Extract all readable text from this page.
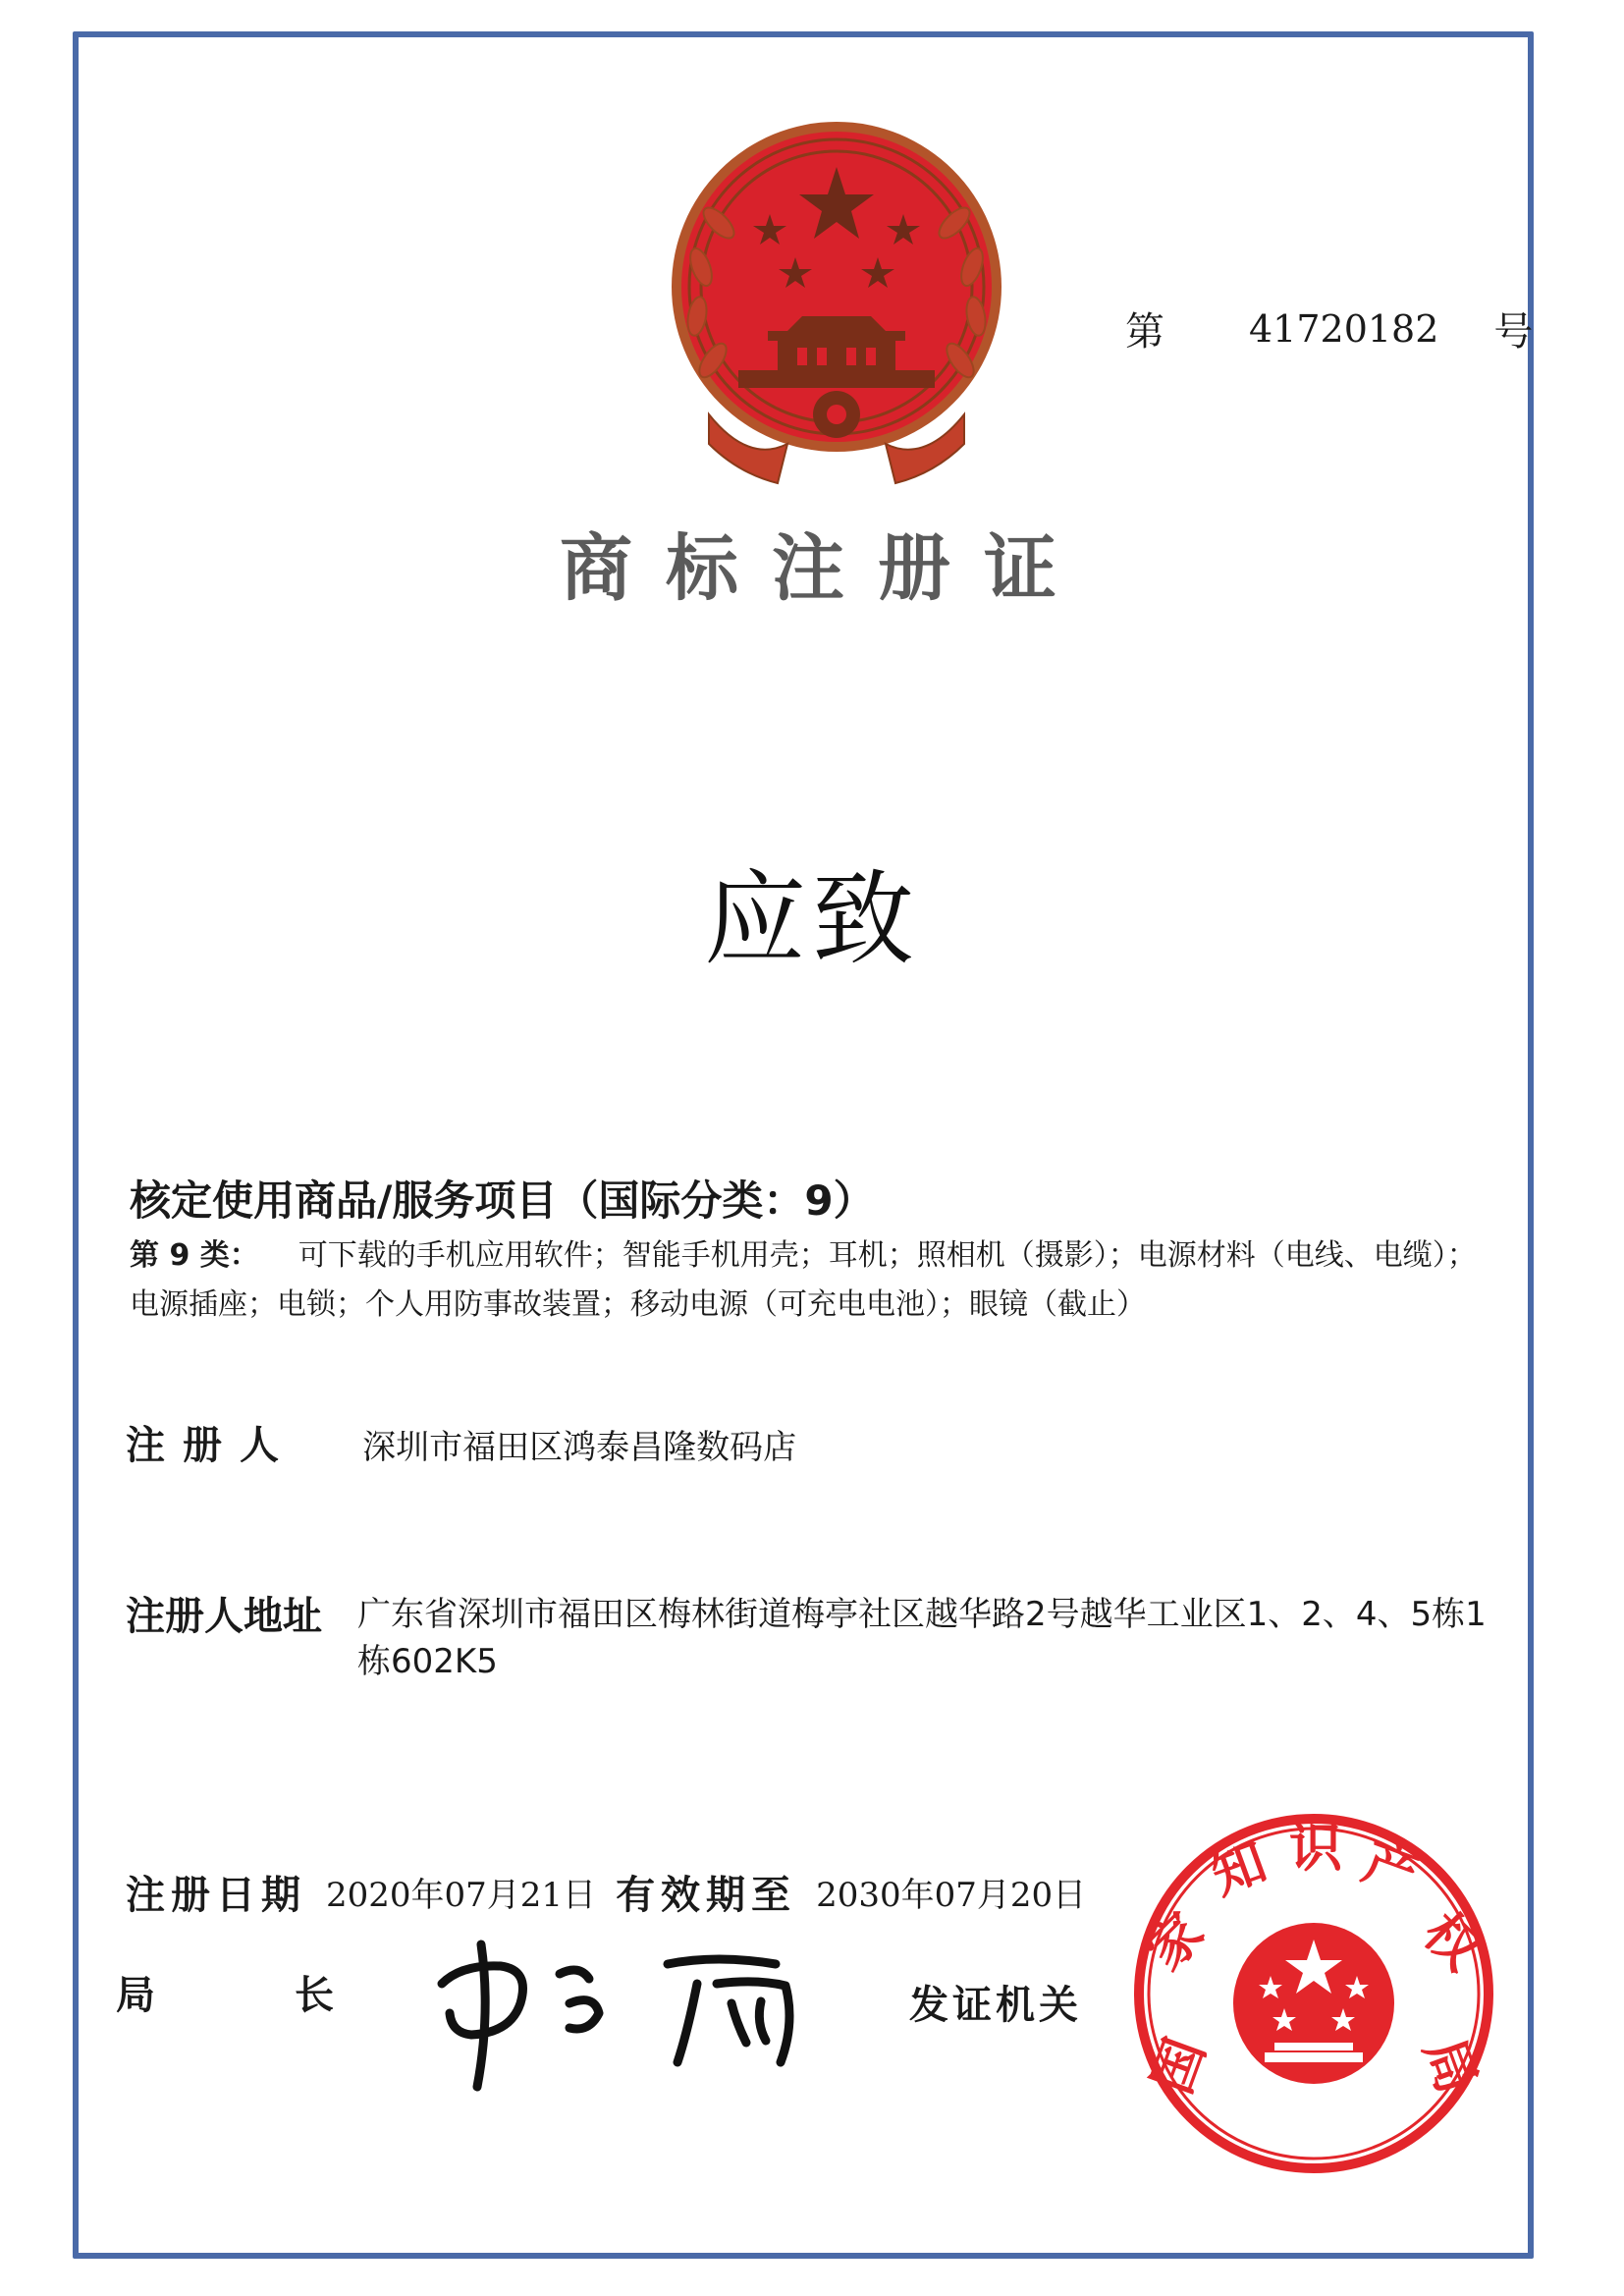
第 41720182 号
商标注册证
应致
核定使用商品/服务项目（国际分类：9）
第 9 类： 可下载的手机应用软件；智能手机用壳；耳机；照相机（摄影）；电源材料（电线、电缆）；电源插座；电锁；个人用防事故装置；移动电源（可充电电池）；眼镜（截止）
注册人 深圳市福田区鸿泰昌隆数码店
注册人地址	广东省深圳市福田区梅林街道梅亭社区越华路2号越华工业区1、2、4、5栋1栋602K5
注册日期 2020年07月21日 有效期至 2030年07月20日
局	长	发证机关
国
家
知 识 产
权
局
